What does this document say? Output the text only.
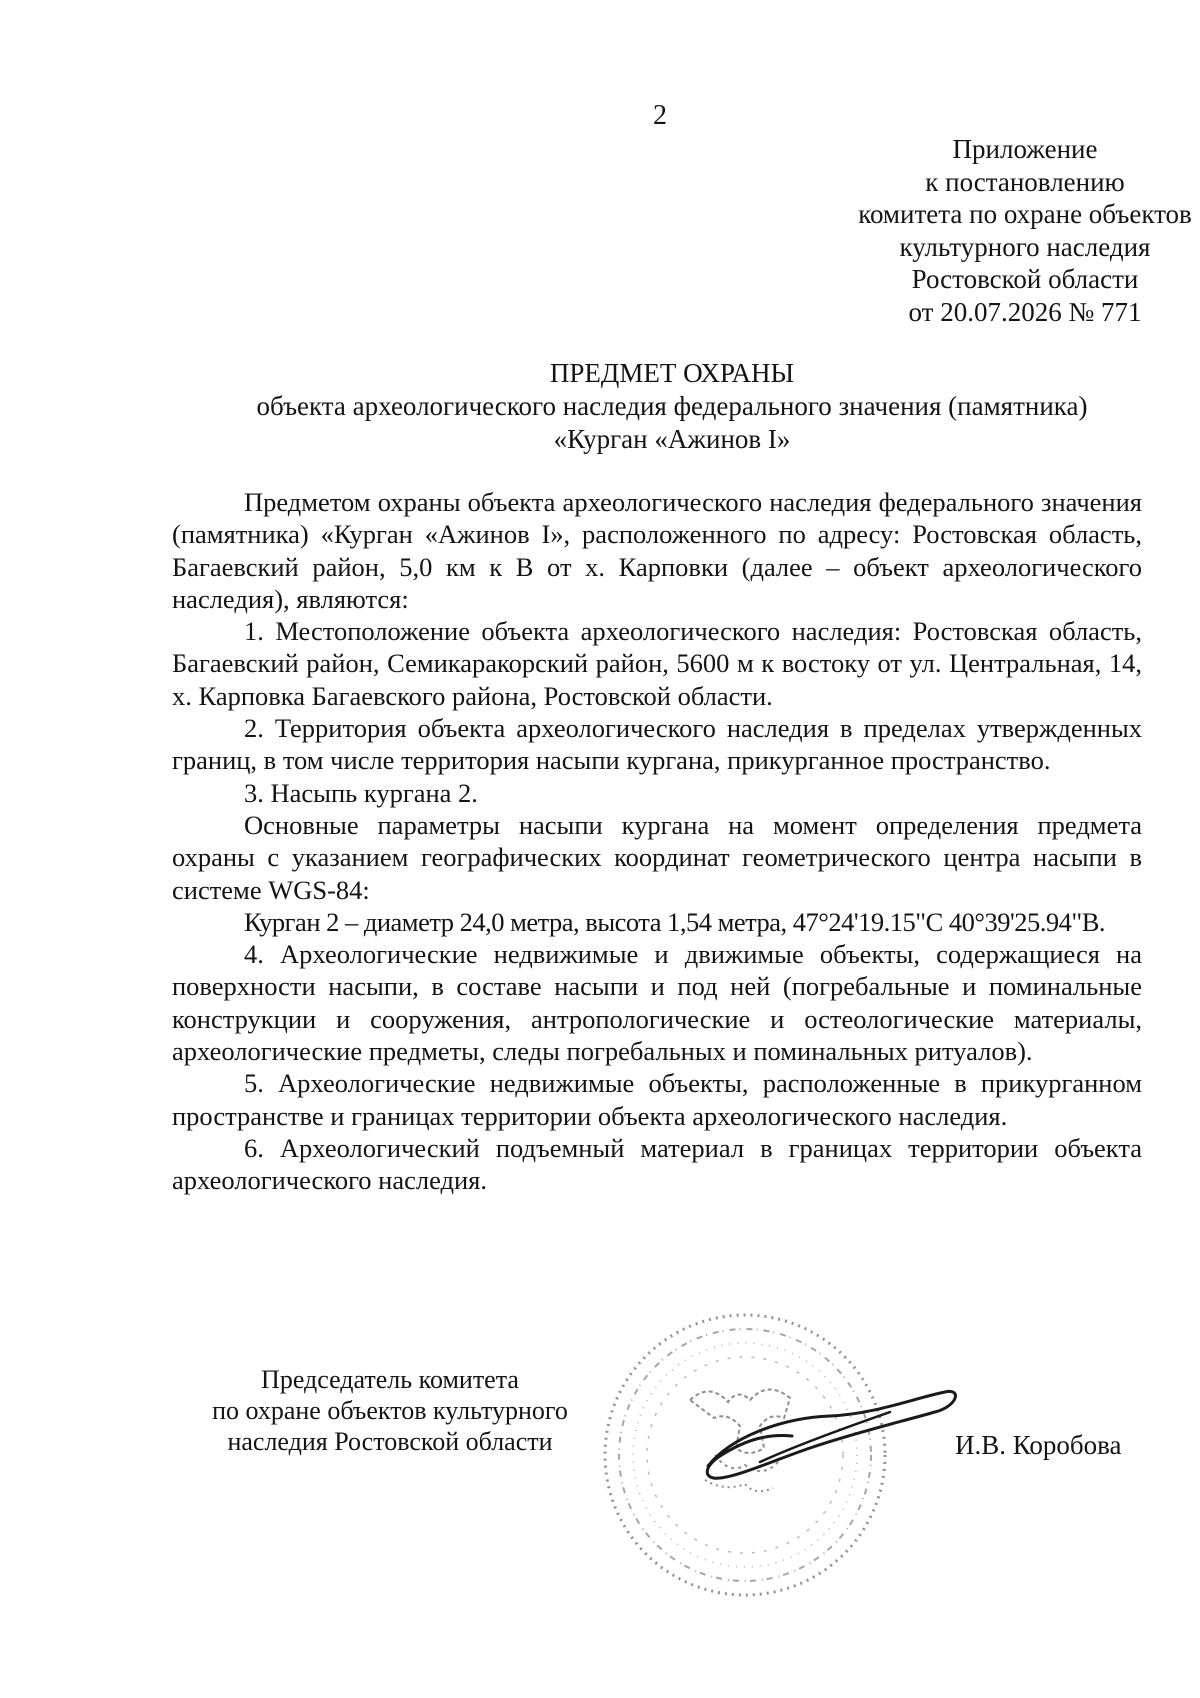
2
Приложение
к постановлению
комитета по охране объектов
культурного наследия
Ростовской области
от 20.07.2026 № 771
ПРЕДМЕТ ОХРАНЫ
объекта археологического наследия федерального значения (памятника)
«Курган «Ажинов I»

Предметом охраны объекта археологического наследия федерального значения (памятника) «Курган «Ажинов I», расположенного по адресу: Ростовская область, Багаевский район, 5,0 км к В от х. Карповки (далее – объект археологического наследия), являются:

1. Местоположение объекта археологического наследия: Ростовская область, Багаевский район, Семикаракорский район, 5600 м к востоку от ул. Центральная, 14, х. Карповка Багаевского района, Ростовской области.

2. Территория объекта археологического наследия в пределах утвержденных границ, в том числе территория насыпи кургана, прикурганное пространство.

3. Насыпь кургана 2.

Основные параметры насыпи кургана на момент определения предмета охраны с указанием географических координат геометрического центра насыпи в системе WGS-84:

Курган 2 – диаметр 24,0 метра, высота 1,54 метра, 47°24'19.15"С 40°39'25.94"В.

4. Археологические недвижимые и движимые объекты, содержащиеся на поверхности насыпи, в составе насыпи и под ней (погребальные и поминальные конструкции и сооружения, антропологические и остеологические материалы, археологические предметы, следы погребальных и поминальных ритуалов).

5. Археологические недвижимые объекты, расположенные в прикурганном пространстве и границах территории объекта археологического наследия.

6. Археологический подъемный материал в границах территории объекта археологического наследия.

Председатель комитета
по охране объектов культурного
наследия Ростовской области	И.В. Коробова
